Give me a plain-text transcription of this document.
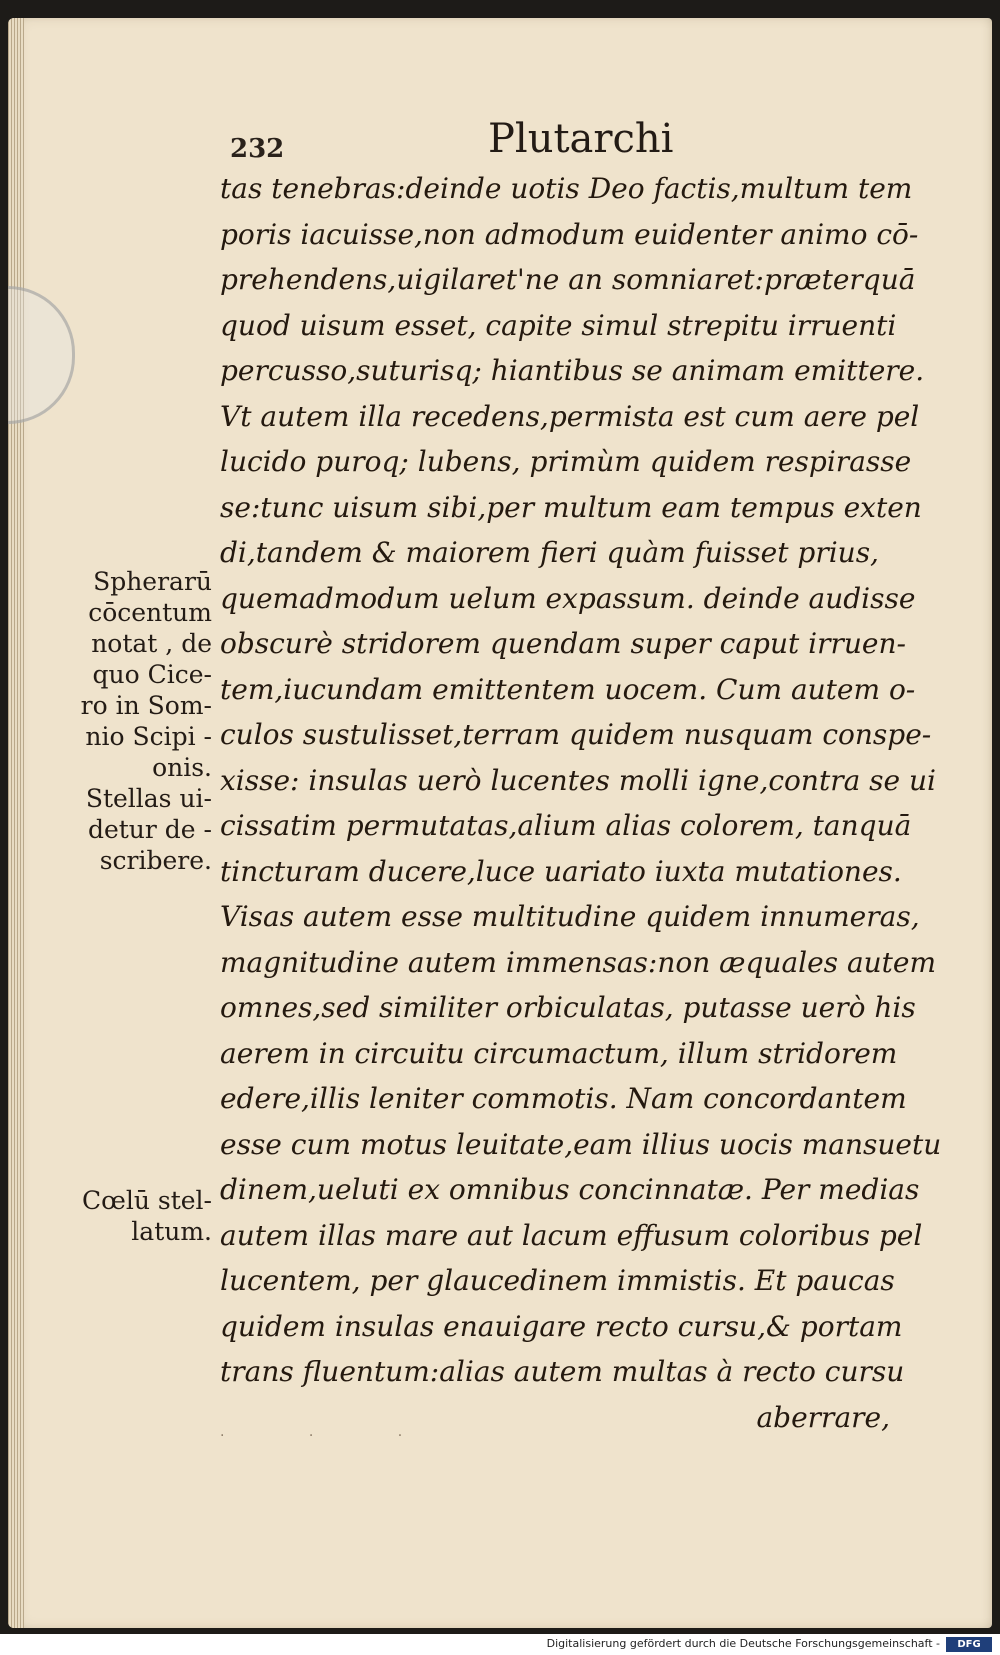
232	Plutarchi
tas tenebras:deinde uotis Deo factis,multum tem
poris iacuisse,non admodum euidenter animo cō-
prehendens,uigilaret'ne an somniaret:præterquā
quod uisum esset, capite simul strepitu irruenti
percusso,suturisq; hiantibus se animam emittere.
Vt autem illa recedens,permista est cum aere pel
lucido puroq; lubens, primùm quidem respirasse
se:tunc uisum sibi,per multum eam tempus exten
di,tandem & maiorem fieri quàm fuisset prius,
quemadmodum uelum expassum. deinde audisse
obscurè stridorem quendam super caput irruen-
tem,iucundam emittentem uocem. Cum autem o-
culos sustulisset,terram quidem nusquam conspe-
xisse: insulas uerò lucentes molli igne,contra se ui
cissatim permutatas,alium alias colorem, tanquā
tincturam ducere,luce uariato iuxta mutationes.
Visas autem esse multitudine quidem innumeras,
magnitudine autem immensas:non æquales autem
omnes,sed similiter orbiculatas, putasse uerò his
aerem in circuitu circumactum, illum stridorem
edere,illis leniter commotis. Nam concordantem
esse cum motus leuitate,eam illius uocis mansuetu
dinem,ueluti ex omnibus concinnatæ. Per medias
autem illas mare aut lacum effusum coloribus pel
lucentem, per glaucedinem immistis. Et paucas
quidem insulas enauigare recto cursu,& portam
trans fluentum:alias autem multas à recto cursu
aberrare,
Spherarū
cōcentum
notat , de
quo Cice-
ro in Som-
nio Scipi -
onis.
Stellas ui-
detur de -
scribere.
Cœlū stel-
latum.
· · ·
Digitalisierung gefördert durch die Deutsche Forschungsgemeinschaft -	DFG
